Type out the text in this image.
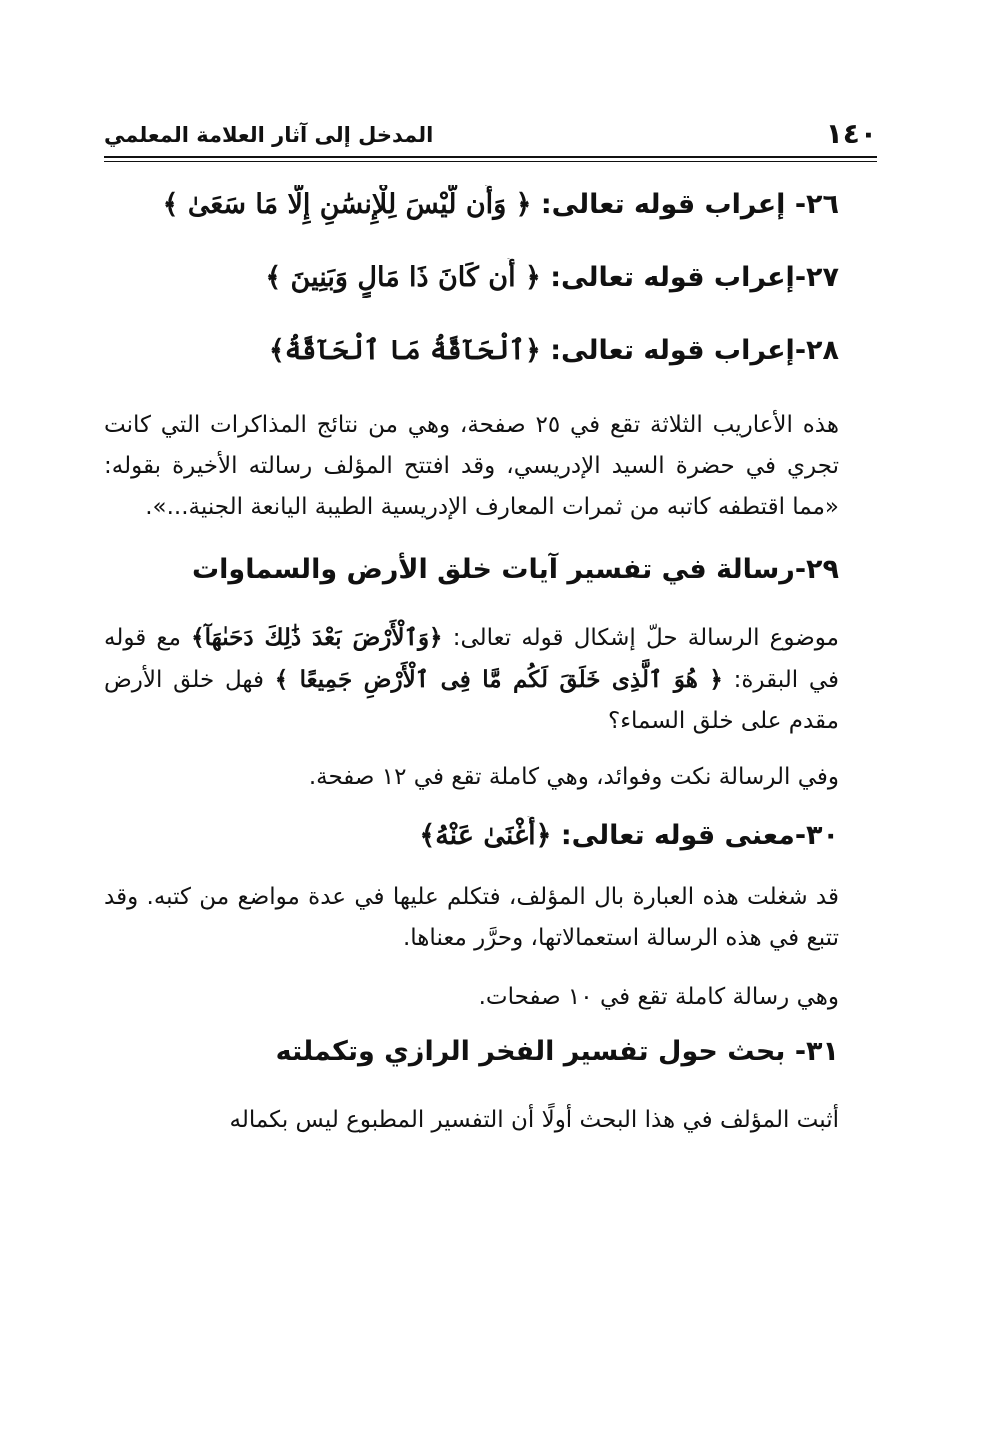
١٤٠
المدخل إلى آثار العلامة المعلمي

٢٦- إعراب قوله تعالى: ﴿ وَأَن لَّيْسَ لِلْإِنسَٰنِ إِلَّا مَا سَعَىٰ ﴾

٢٧-إعراب قوله تعالى: ﴿ أَن كَانَ ذَا مَالٍ وَبَنِينَ ﴾

٢٨-إعراب قوله تعالى: ﴿ٱلْحَآقَّةُ مَا ٱلْحَآقَّةُ﴾

هذه الأعاريب الثلاثة تقع في ٢٥ صفحة، وهي من نتائج المذاكرات التي كانت تجري في حضرة السيد الإدريسي، وقد افتتح المؤلف رسالته الأخيرة بقوله: «مما اقتطفه كاتبه من ثمرات المعارف الإدريسية الطيبة اليانعة الجنية...».

٢٩-رسالة في تفسير آيات خلق الأرض والسماوات

موضوع الرسالة حلّ إشكال قوله تعالى: ﴿وَٱلْأَرْضَ بَعْدَ ذَٰلِكَ دَحَىٰهَآ﴾ مع قوله في البقرة: ﴿ هُوَ ٱلَّذِى خَلَقَ لَكُم مَّا فِى ٱلْأَرْضِ جَمِيعًا ﴾ فهل خلق الأرض مقدم على خلق السماء؟

وفي الرسالة نكت وفوائد، وهي كاملة تقع في ١٢ صفحة.

٣٠-معنى قوله تعالى: ﴿أَغْنَىٰ عَنْهُ﴾

قد شغلت هذه العبارة بال المؤلف، فتكلم عليها في عدة مواضع من كتبه. وقد تتبع في هذه الرسالة استعمالاتها، وحرَّر معناها.

وهي رسالة كاملة تقع في ١٠ صفحات.

٣١- بحث حول تفسير الفخر الرازي وتكملته

أثبت المؤلف في هذا البحث أولًا أن التفسير المطبوع ليس بكماله
